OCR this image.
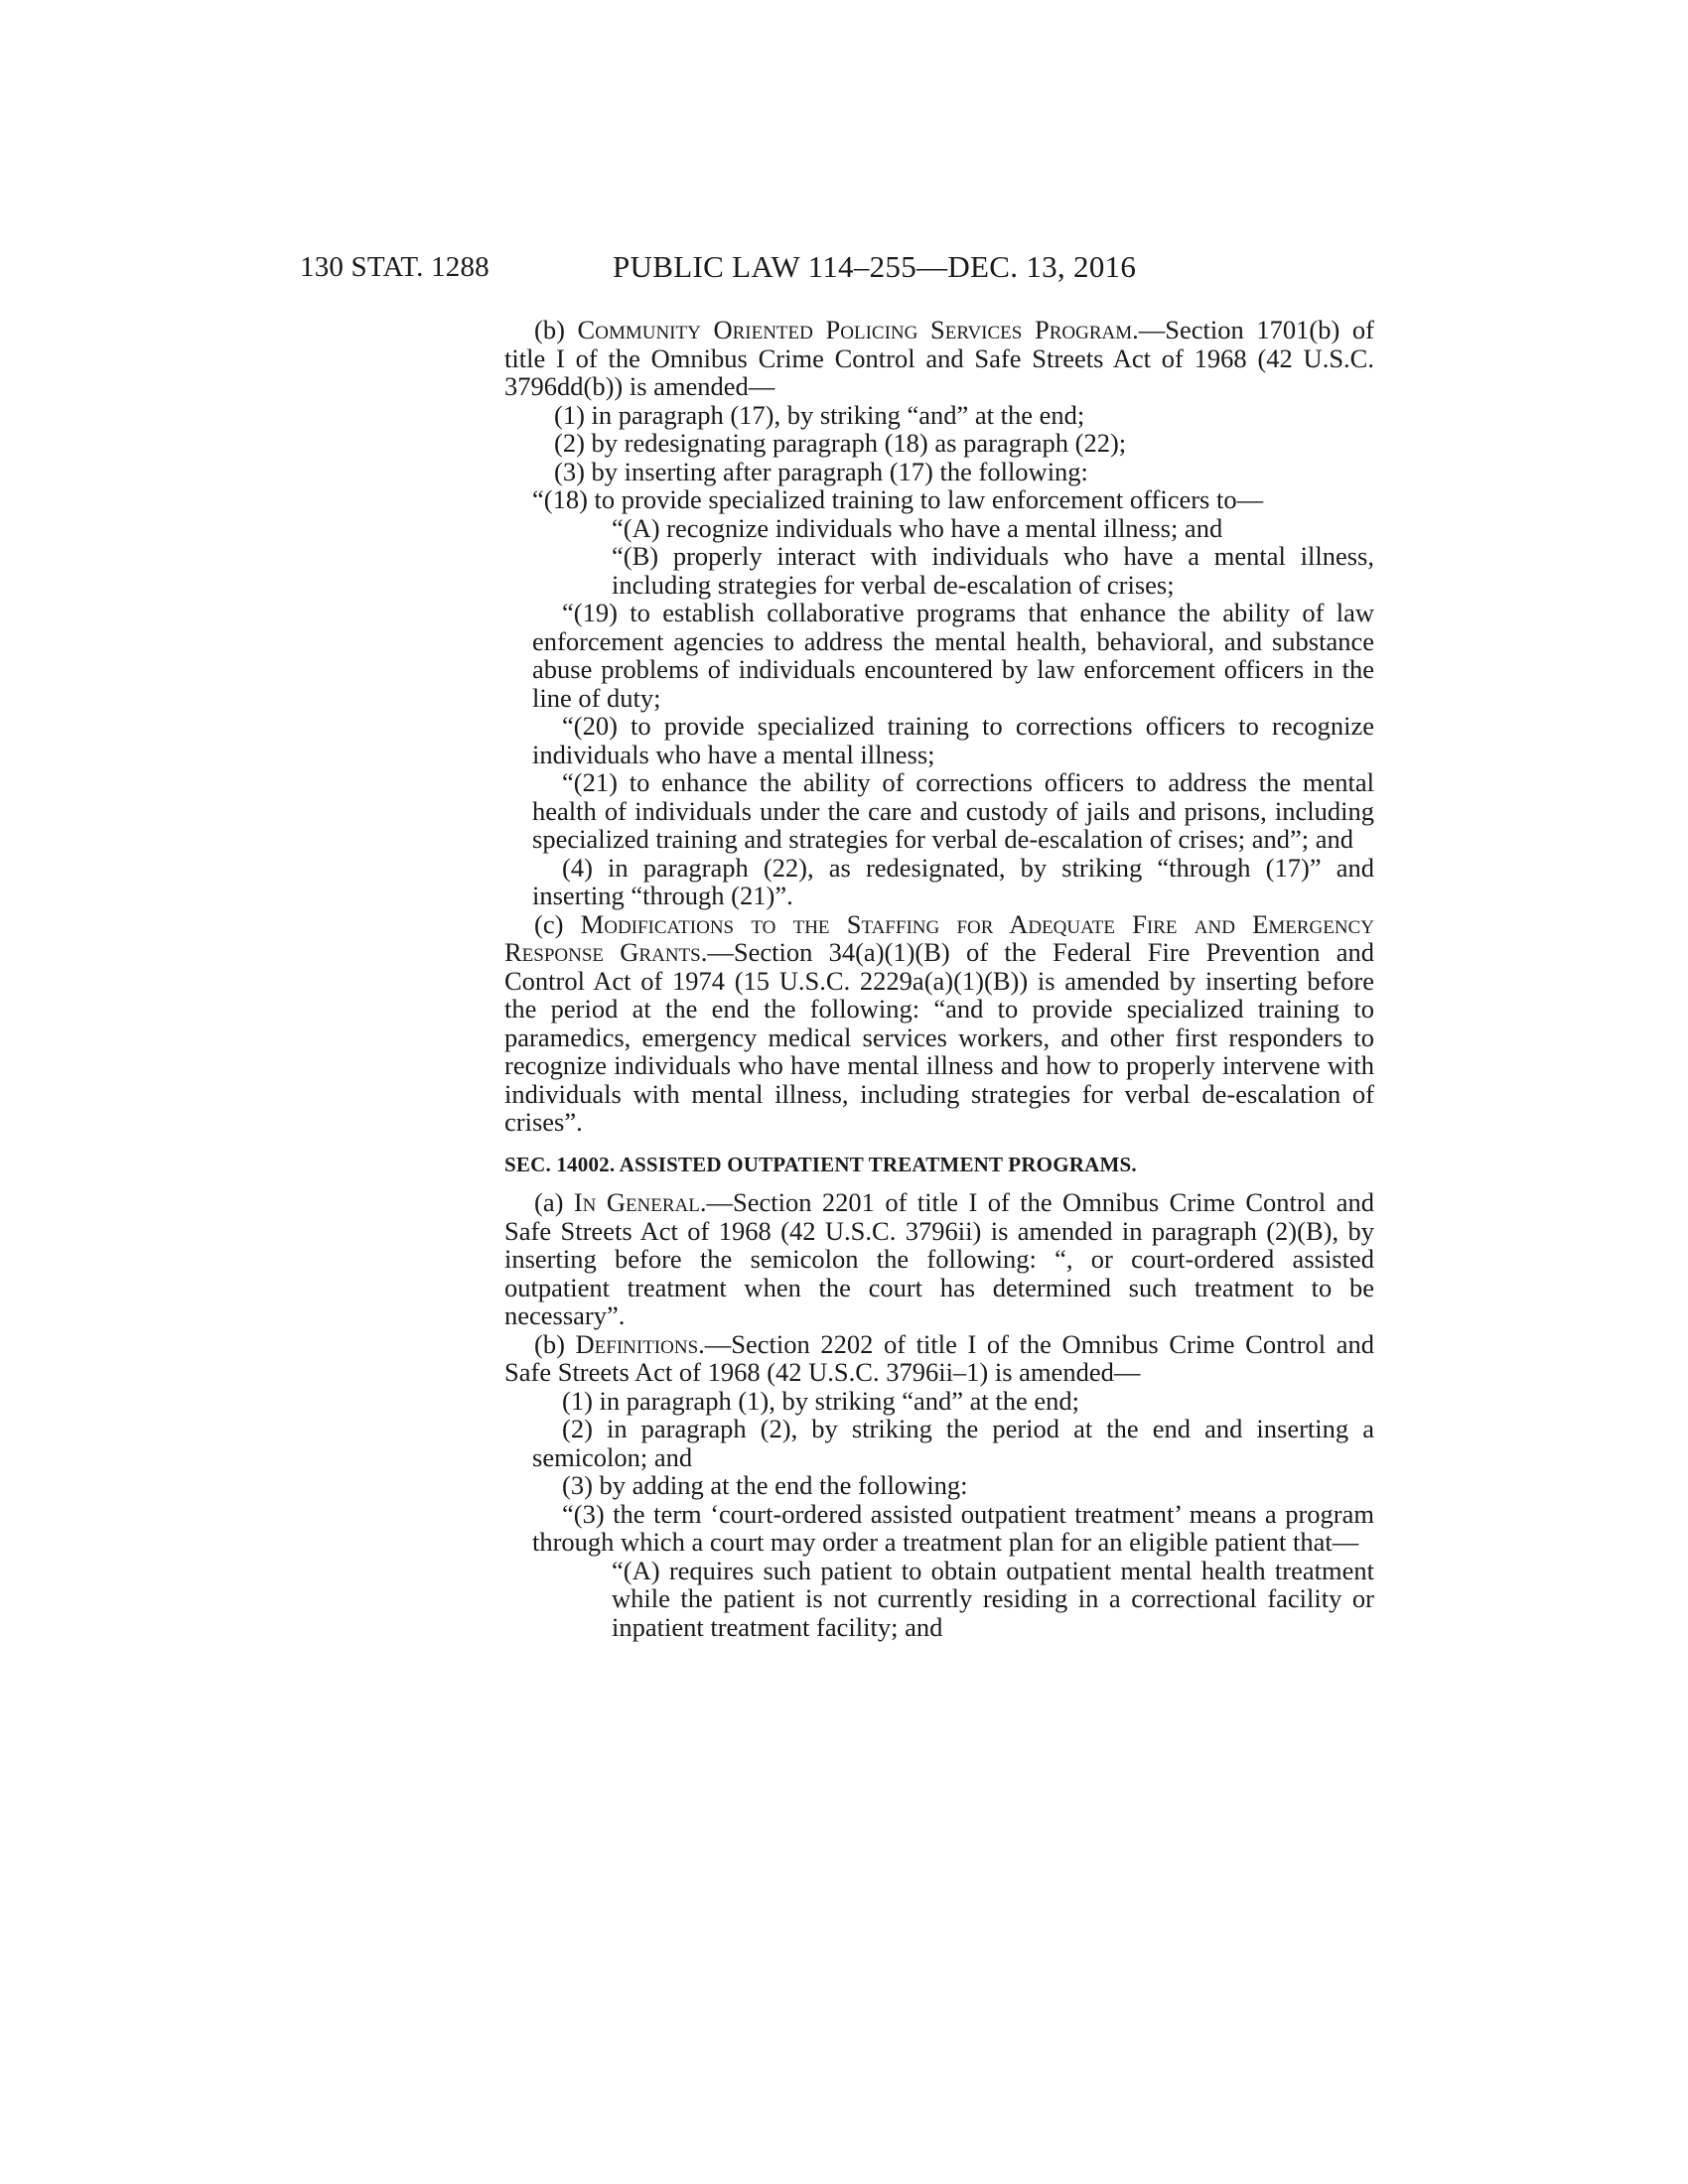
130 STAT. 1288	PUBLIC LAW 114–255—DEC. 13, 2016

(b) Community Oriented Policing Services Program.—Section 1701(b) of title I of the Omnibus Crime Control and Safe Streets Act of 1968 (42 U.S.C. 3796dd(b)) is amended—

(1) in paragraph (17), by striking “and” at the end;

(2) by redesignating paragraph (18) as paragraph (22);

(3) by inserting after paragraph (17) the following:

“(18) to provide specialized training to law enforcement officers to—

“(A) recognize individuals who have a mental illness; and

“(B) properly interact with individuals who have a mental illness, including strategies for verbal de-escalation of crises;

“(19) to establish collaborative programs that enhance the ability of law enforcement agencies to address the mental health, behavioral, and substance abuse problems of individuals encountered by law enforcement officers in the line of duty;

“(20) to provide specialized training to corrections officers to recognize individuals who have a mental illness;

“(21) to enhance the ability of corrections officers to address the mental health of individuals under the care and custody of jails and prisons, including specialized training and strategies for verbal de-escalation of crises; and”; and

(4) in paragraph (22), as redesignated, by striking “through (17)” and inserting “through (21)”.

(c) Modifications to the Staffing for Adequate Fire and Emergency Response Grants.—Section 34(a)(1)(B) of the Federal Fire Prevention and Control Act of 1974 (15 U.S.C. 2229a(a)(1)(B)) is amended by inserting before the period at the end the following: “and to provide specialized training to paramedics, emergency medical services workers, and other first responders to recognize individuals who have mental illness and how to properly intervene with individuals with mental illness, including strategies for verbal de-escalation of crises”.

SEC. 14002. ASSISTED OUTPATIENT TREATMENT PROGRAMS.

(a) In General.—Section 2201 of title I of the Omnibus Crime Control and Safe Streets Act of 1968 (42 U.S.C. 3796ii) is amended in paragraph (2)(B), by inserting before the semicolon the following: “, or court-ordered assisted outpatient treatment when the court has determined such treatment to be necessary”.

(b) Definitions.—Section 2202 of title I of the Omnibus Crime Control and Safe Streets Act of 1968 (42 U.S.C. 3796ii–1) is amended—

(1) in paragraph (1), by striking “and” at the end;

(2) in paragraph (2), by striking the period at the end and inserting a semicolon; and

(3) by adding at the end the following:

“(3) the term ‘court-ordered assisted outpatient treatment’ means a program through which a court may order a treatment plan for an eligible patient that—

“(A) requires such patient to obtain outpatient mental health treatment while the patient is not currently residing in a correctional facility or inpatient treatment facility; and
